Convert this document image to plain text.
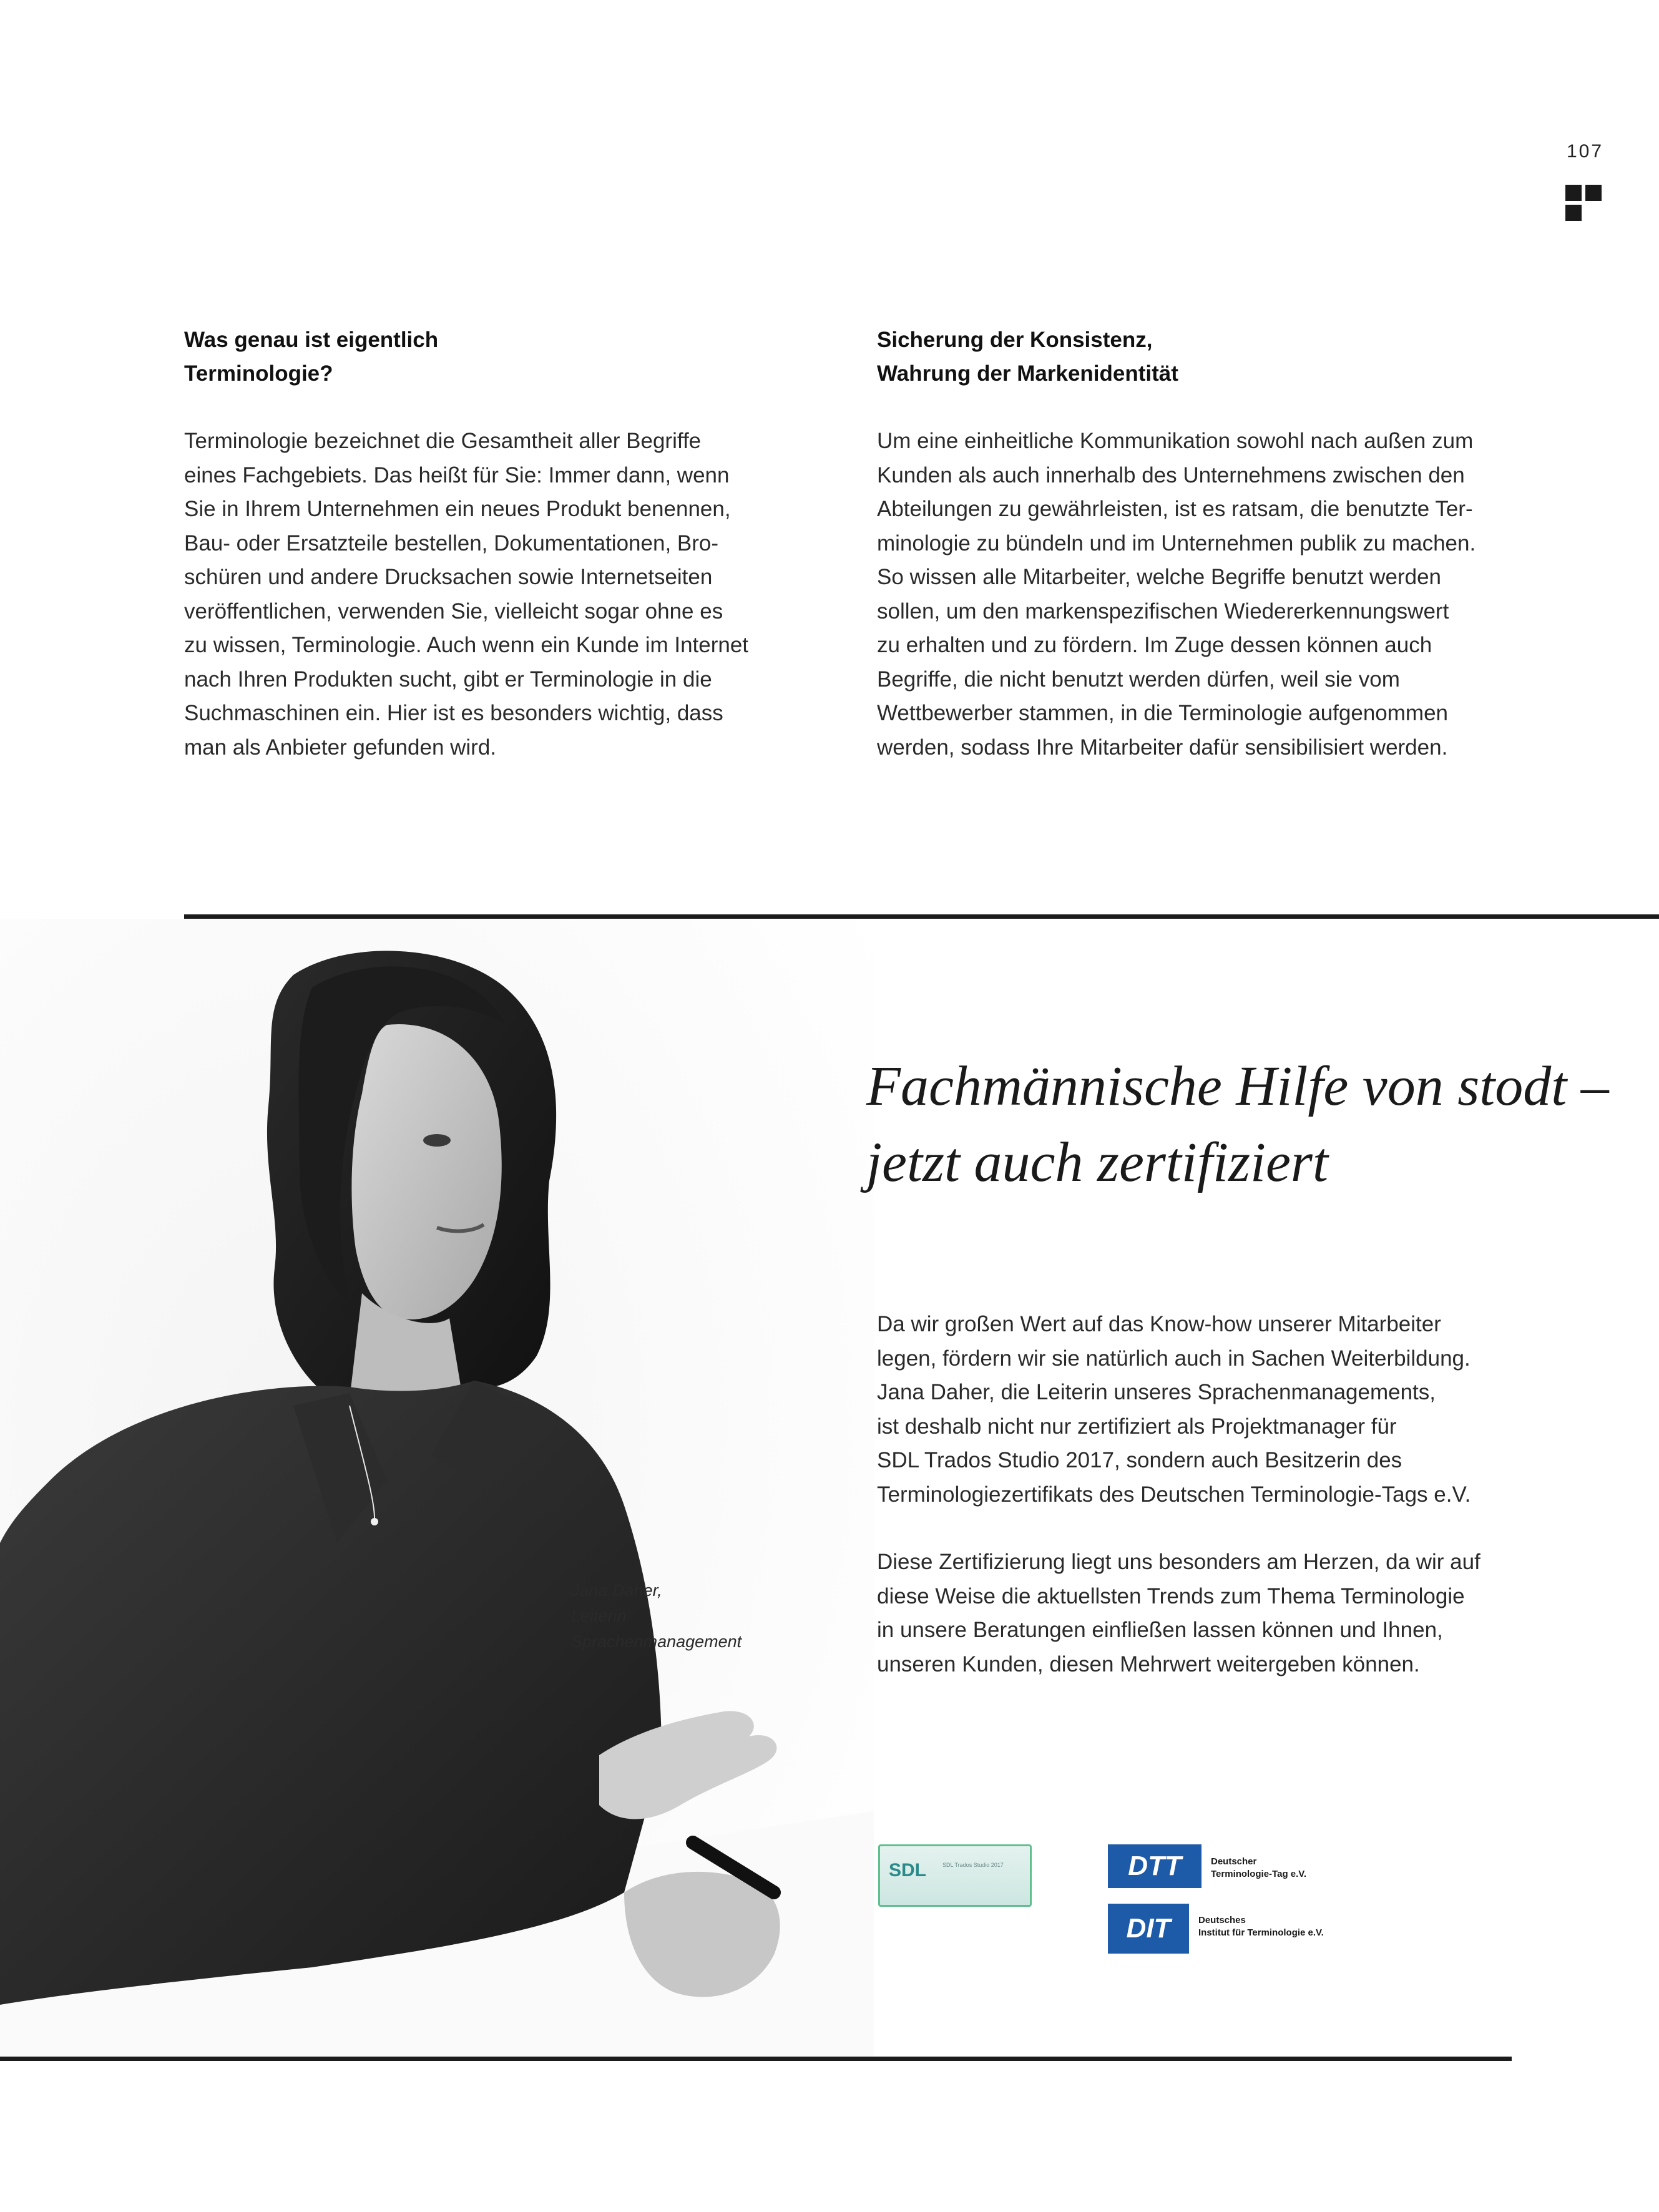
107
Was genau ist eigentlich
Terminologie?

Terminologie bezeichnet die Gesamtheit aller Begriffe
eines Fachgebiets. Das heißt für Sie: Immer dann, wenn
Sie in Ihrem Unternehmen ein neues Produkt benennen,
Bau- oder Ersatzteile bestellen, Dokumentationen, Bro-
schüren und andere Drucksachen sowie Internetseiten
veröffentlichen, verwenden Sie, vielleicht sogar ohne es
zu wissen, Terminologie. Auch wenn ein Kunde im Internet
nach Ihren Produkten sucht, gibt er Terminologie in die
Suchmaschinen ein. Hier ist es besonders wichtig, dass
man als Anbieter gefunden wird.

Sicherung der Konsistenz,
Wahrung der Markenidentität

Um eine einheitliche Kommunikation sowohl nach außen zum
Kunden als auch innerhalb des Unternehmens zwischen den
Abteilungen zu gewährleisten, ist es ratsam, die benutzte Ter-
minologie zu bündeln und im Unternehmen publik zu machen.
So wissen alle Mitarbeiter, welche Begriffe benutzt werden
sollen, um den markenspezifischen Wiedererkennungswert
zu erhalten und zu fördern. Im Zuge dessen können auch
Begriffe, die nicht benutzt werden dürfen, weil sie vom
Wettbewerber stammen, in die Terminologie aufgenommen
werden, sodass Ihre Mitarbeiter dafür sensibilisiert werden.

Jana Daher,
Leiterin
Sprachenmanagement
Fachmännische Hilfe von stodt –
jetzt auch zertifiziert

Da wir großen Wert auf das Know-how unserer Mitarbeiter
legen, fördern wir sie natürlich auch in Sachen Weiterbildung.
Jana Daher, die Leiterin unseres Sprachenmanagements,
ist deshalb nicht nur zertifiziert als Projektmanager für
SDL Trados Studio 2017, sondern auch Besitzerin des
Terminologiezertifikats des Deutschen Terminologie-Tags e.V.

Diese Zertifizierung liegt uns besonders am Herzen, da wir auf
diese Weise die aktuellsten Trends zum Thema Terminologie
in unsere Beratungen einfließen lassen können und Ihnen,
unseren Kunden, diesen Mehrwert weitergeben können.

SDL	SDL Trados Studio 2017	DTT	Deutscher
Terminologie-Tag e.V.
DIT	Deutsches
Institut für Terminologie e.V.
